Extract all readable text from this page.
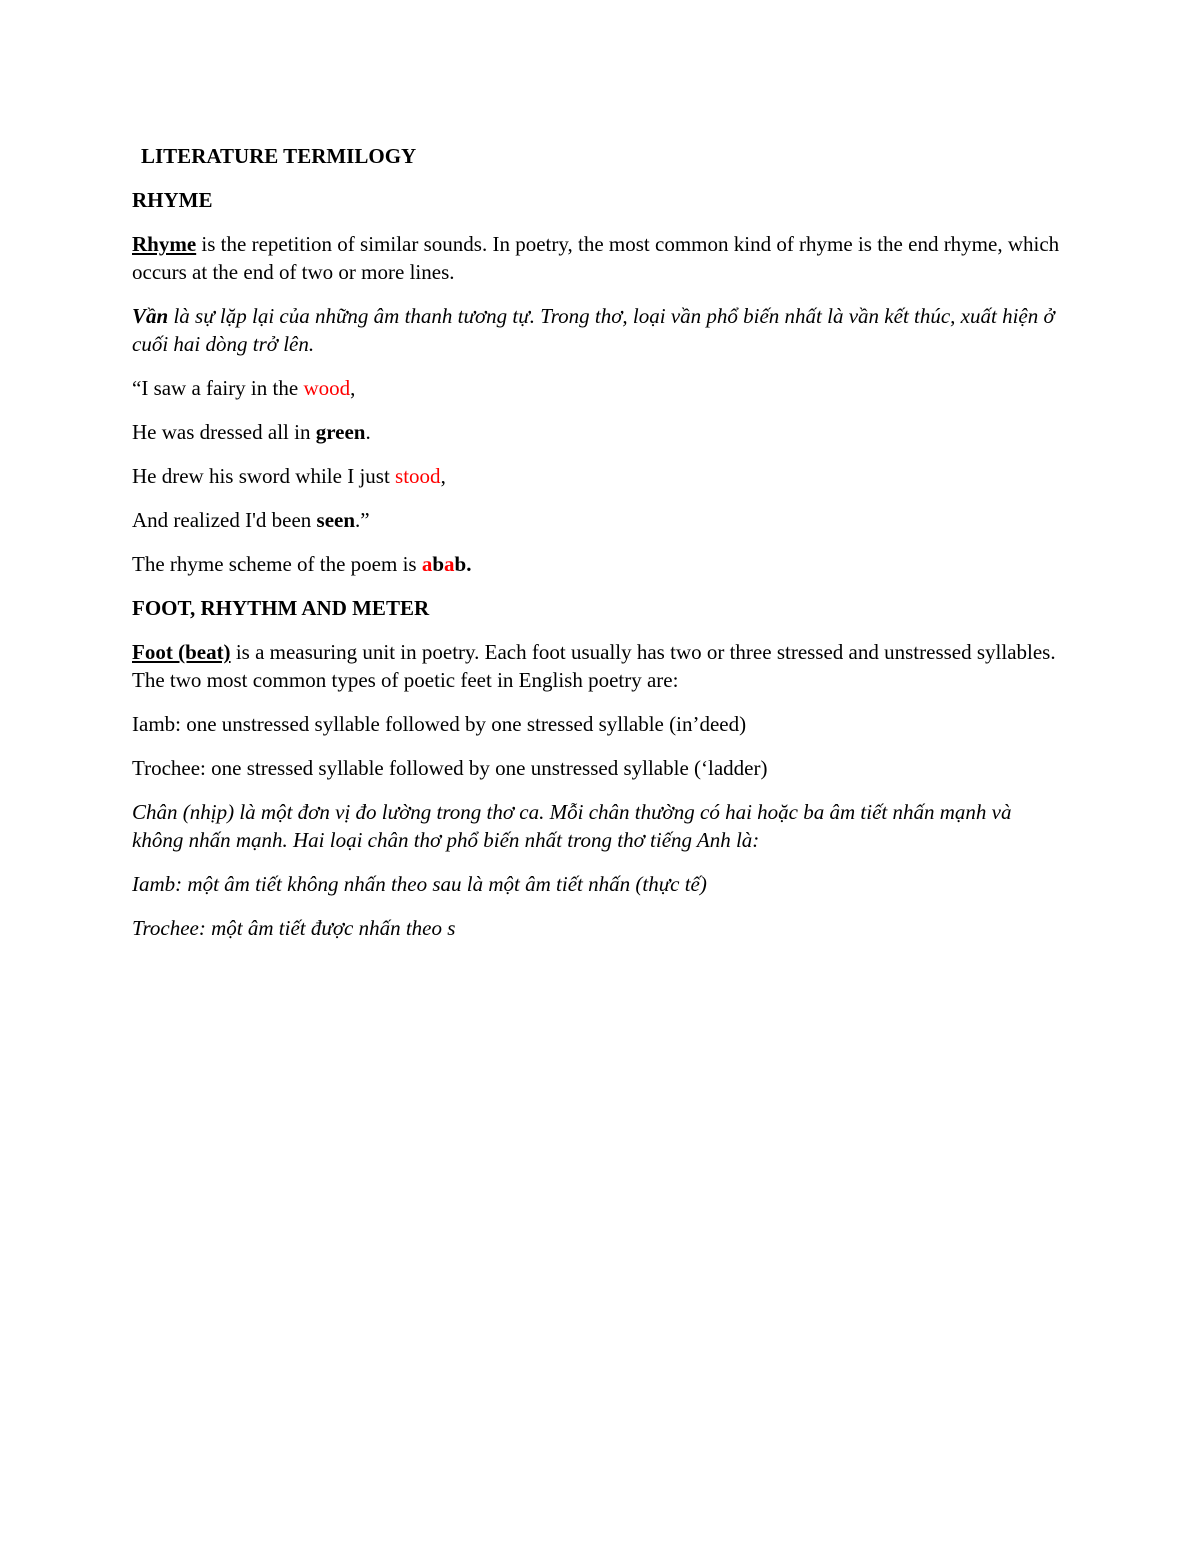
LITERATURE TERMILOGY

RHYME

Rhyme is the repetition of similar sounds. In poetry, the most common kind of rhyme is the end rhyme, which occurs at the end of two or more lines.

Vần là sự lặp lại của những âm thanh tương tự. Trong thơ, loại vần phổ biến nhất là vần kết thúc, xuất hiện ở cuối hai dòng trở lên.

“I saw a fairy in the wood,

He was dressed all in green.

He drew his sword while I just stood,

And realized I'd been seen.”

The rhyme scheme of the poem is abab.

FOOT, RHYTHM AND METER

Foot (beat) is a measuring unit in poetry. Each foot usually has two or three stressed and unstressed syllables. The two most common types of poetic feet in English poetry are:

Iamb: one unstressed syllable followed by one stressed syllable (in’deed)

Trochee: one stressed syllable followed by one unstressed syllable (‘ladder)

Chân (nhịp) là một đơn vị đo lường trong thơ ca. Mỗi chân thường có hai hoặc ba âm tiết nhấn mạnh và không nhấn mạnh. Hai loại chân thơ phổ biến nhất trong thơ tiếng Anh là:

Iamb: một âm tiết không nhấn theo sau là một âm tiết nhấn (thực tế)

Trochee: một âm tiết được nhấn theo s
